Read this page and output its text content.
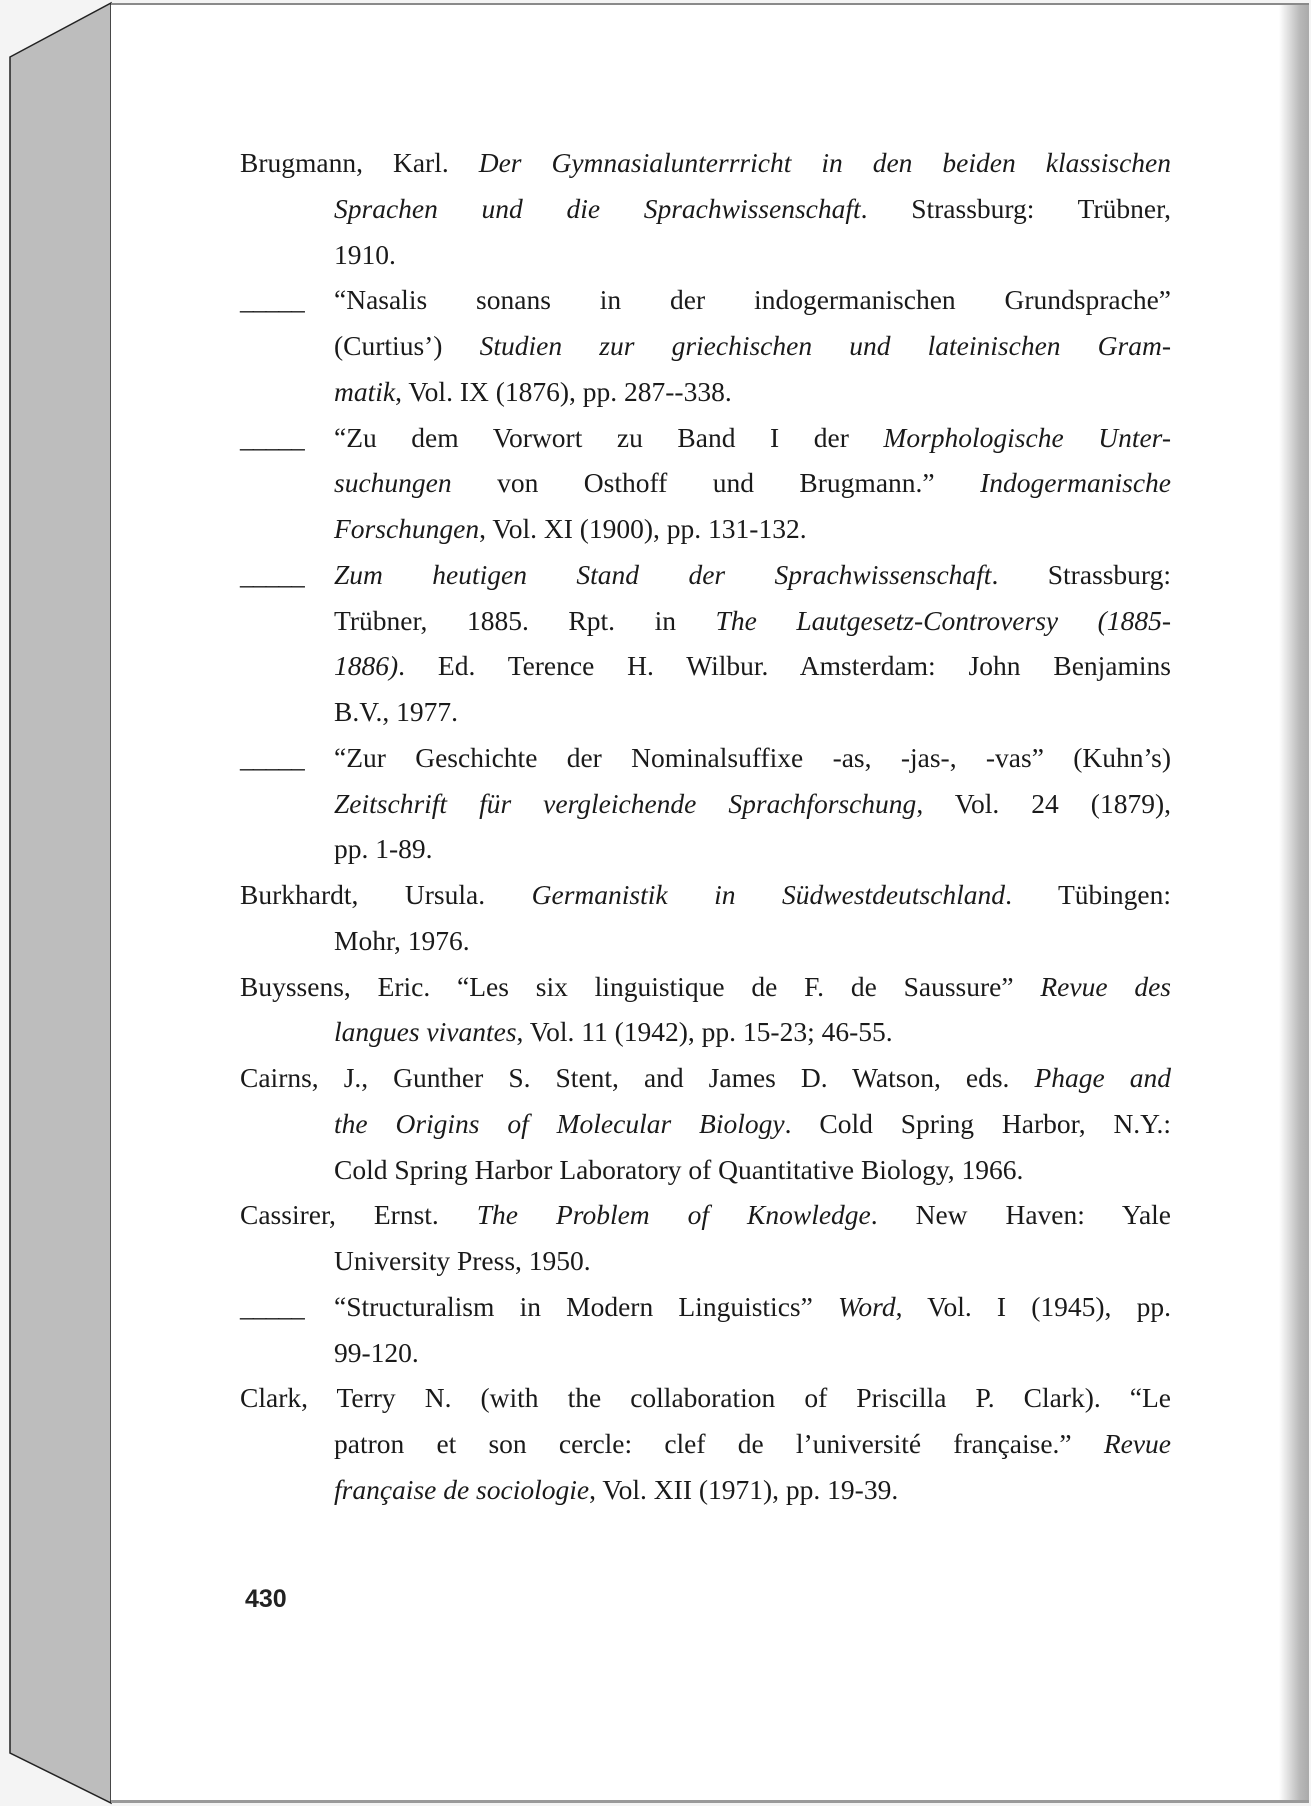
Brugmann, Karl. Der Gymnasialunterrricht in den beiden klassischen
Sprachen und die Sprachwissenschaft. Strassburg: Trübner,
1910.
_____ “Nasalis sonans in der indogermanischen Grundsprache”
(Curtius’) Studien zur griechischen und lateinischen Gram-
matik, Vol. IX (1876), pp. 287--338.
_____ “Zu dem Vorwort zu Band I der Morphologische Unter-
suchungen von Osthoff und Brugmann.” Indogermanische
Forschungen, Vol. XI (1900), pp. 131-132.
_____ Zum heutigen Stand der Sprachwissenschaft. Strassburg:
Trübner, 1885. Rpt. in The Lautgesetz-Controversy (1885-
1886). Ed. Terence H. Wilbur. Amsterdam: John Benjamins
B.V., 1977.
_____ “Zur Geschichte der Nominalsuffixe -as, -jas-, -vas” (Kuhn’s)
Zeitschrift für vergleichende Sprachforschung, Vol. 24 (1879),
pp. 1-89.
Burkhardt, Ursula. Germanistik in Südwestdeutschland. Tübingen:
Mohr, 1976.
Buyssens, Eric. “Les six linguistique de F. de Saussure” Revue des
langues vivantes, Vol. 11 (1942), pp. 15-23; 46-55.
Cairns, J., Gunther S. Stent, and James D. Watson, eds. Phage and
the Origins of Molecular Biology. Cold Spring Harbor, N.Y.:
Cold Spring Harbor Laboratory of Quantitative Biology, 1966.
Cassirer, Ernst. The Problem of Knowledge. New Haven: Yale
University Press, 1950.
_____ “Structuralism in Modern Linguistics” Word, Vol. I (1945), pp.
99-120.
Clark, Terry N. (with the collaboration of Priscilla P. Clark). “Le
patron et son cercle: clef de l’université française.” Revue
française de sociologie, Vol. XII (1971), pp. 19-39.
430
